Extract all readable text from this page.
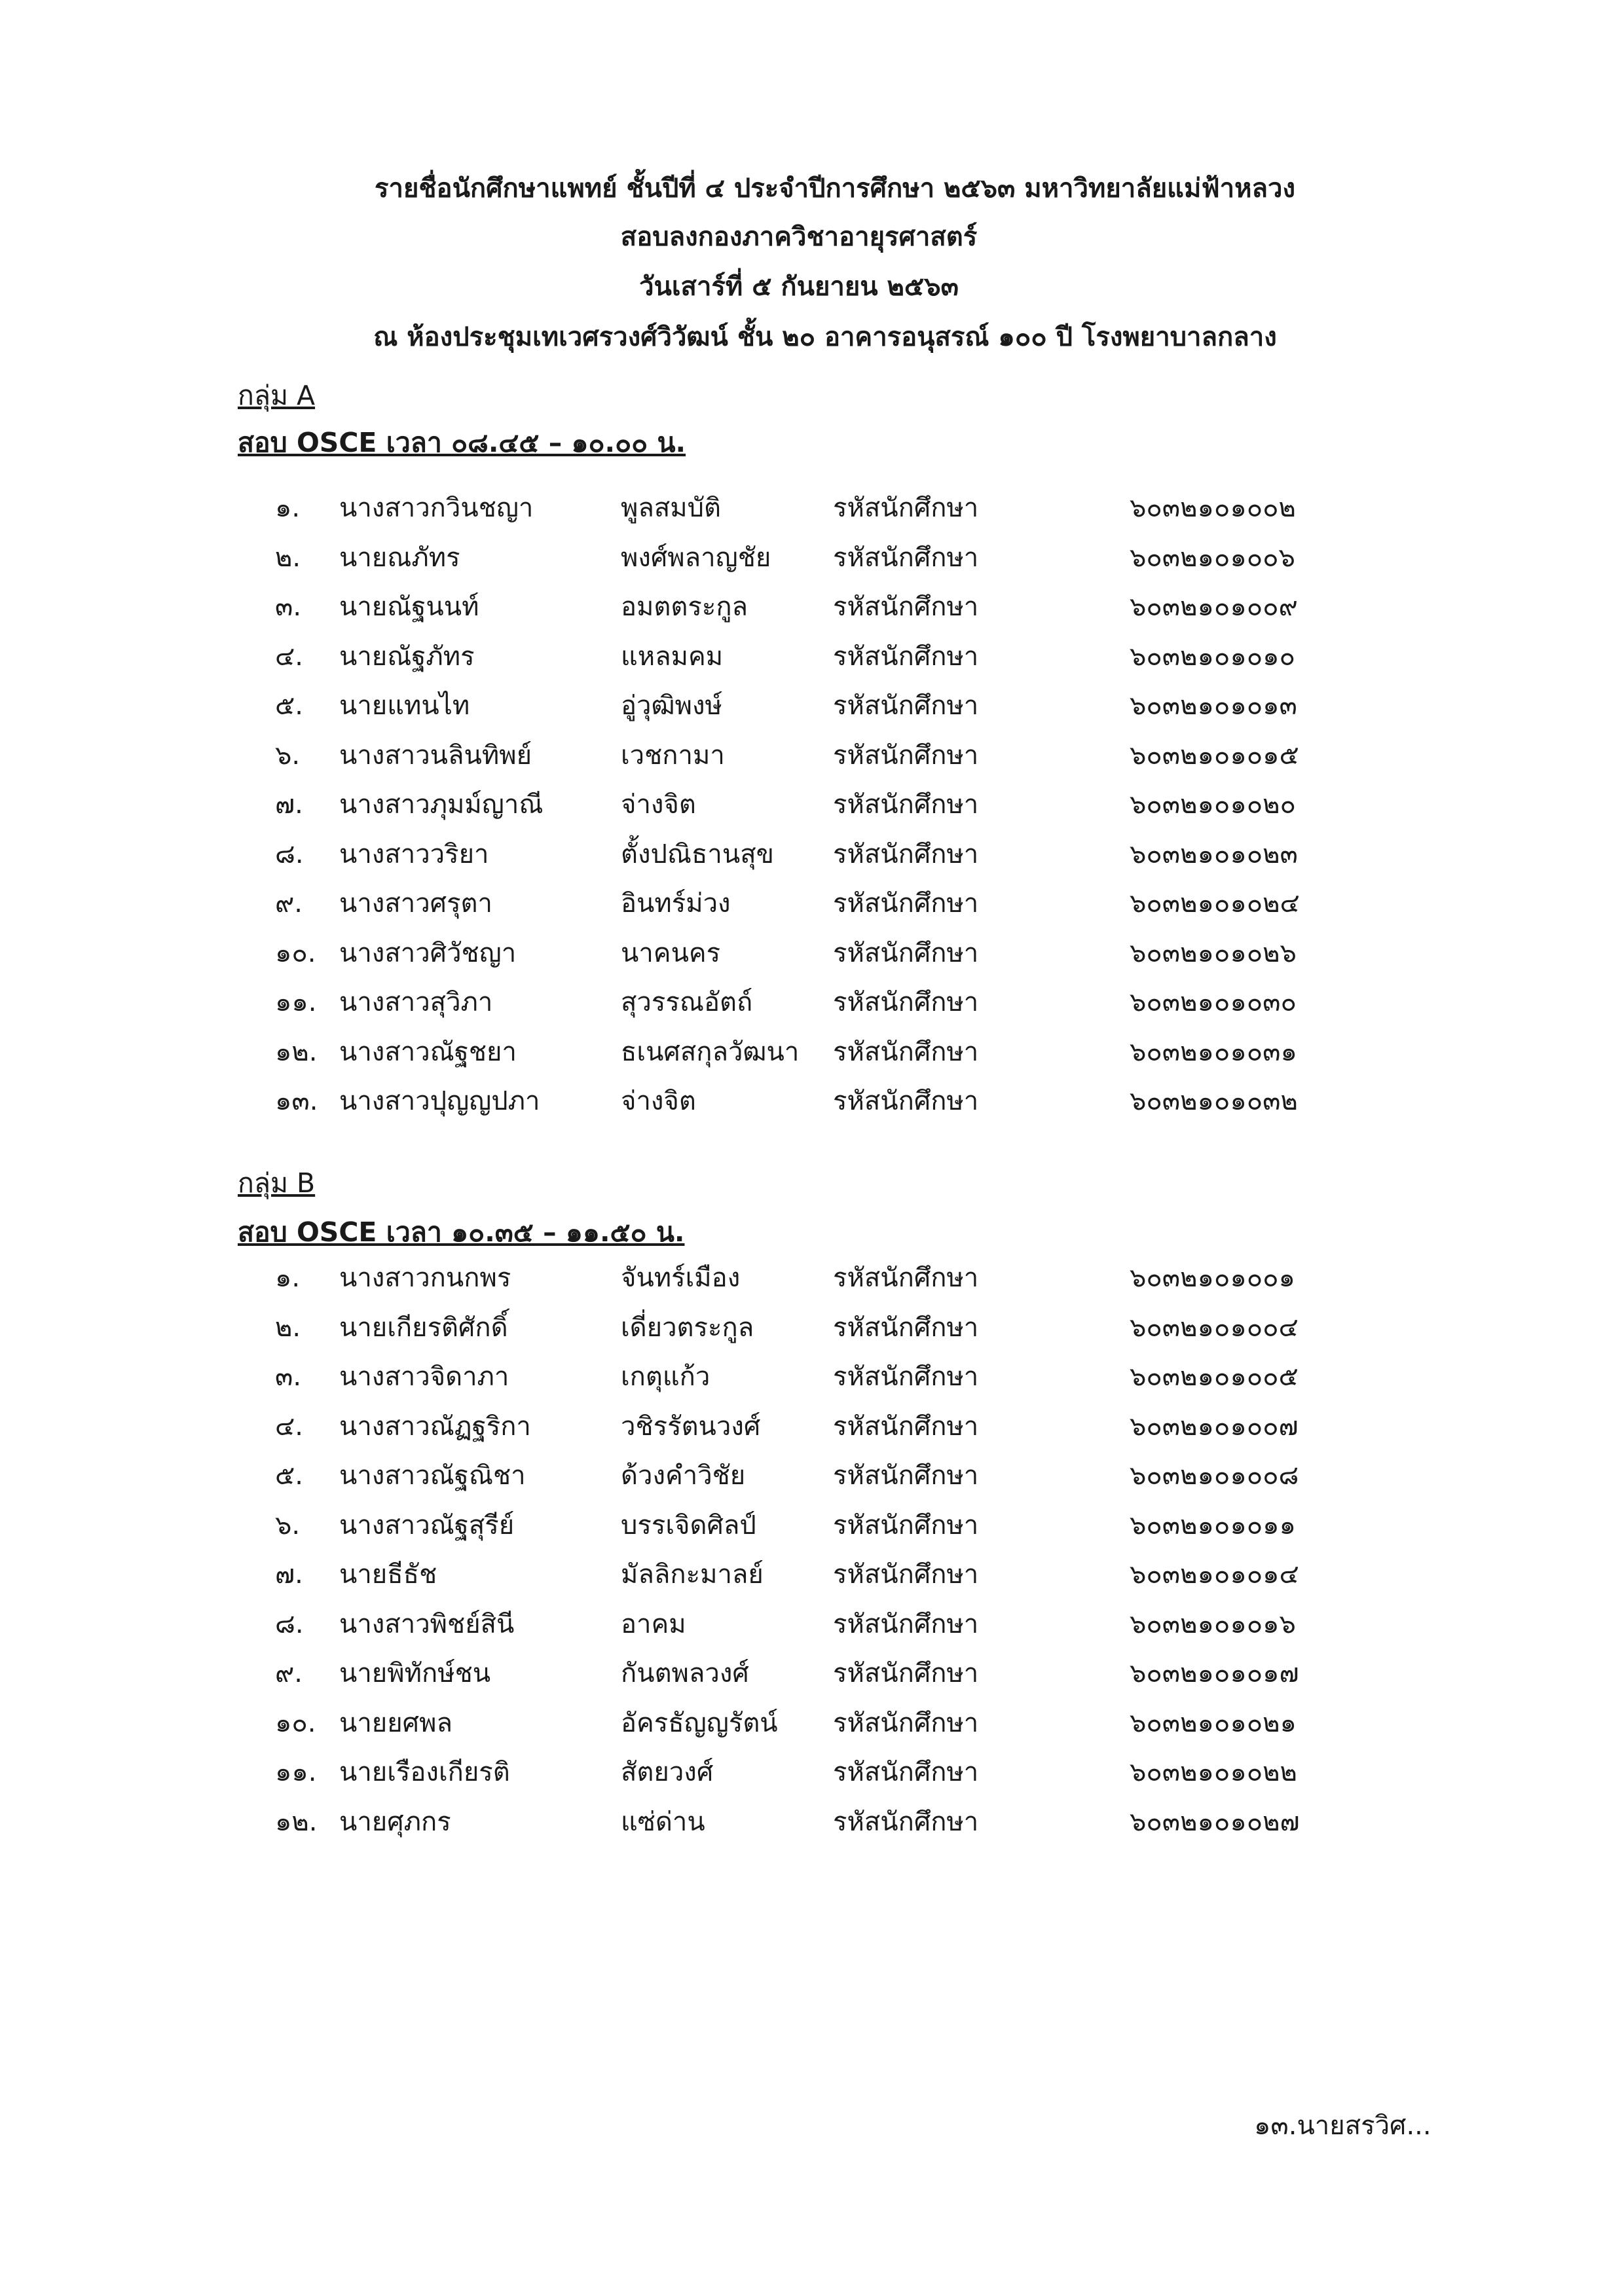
รายชื่อนักศึกษาแพทย์ ชั้นปีที่ ๔ ประจำปีการศึกษา ๒๕๖๓ มหาวิทยาลัยแม่ฟ้าหลวง
สอบลงกองภาควิชาอายุรศาสตร์
วันเสาร์ที่ ๕ กันยายน ๒๕๖๓
ณ ห้องประชุมเทเวศรวงศ์วิวัฒน์ ชั้น ๒๐ อาคารอนุสรณ์ ๑๐๐ ปี โรงพยาบาลกลาง
กลุ่ม A
สอบ OSCE เวลา ๐๘.๔๕ – ๑๐.๐๐ น.
๑. นางสาวกวินชญา	พูลสมบัติ	รหัสนักศึกษา	๖๐๓๒๑๐๑๐๐๒
๒. นายณภัทร	พงศ์พลาญชัย รหัสนักศึกษา	๖๐๓๒๑๐๑๐๐๖
๓. นายณัฐนนท์	อมตตระกูล	รหัสนักศึกษา	๖๐๓๒๑๐๑๐๐๙
๔. นายณัฐภัทร	แหลมคม	รหัสนักศึกษา	๖๐๓๒๑๐๑๐๑๐
๕. นายแทนไท	อู่วุฒิพงษ์	รหัสนักศึกษา	๖๐๓๒๑๐๑๐๑๓
๖. นางสาวนลินทิพย์	เวชกามา	รหัสนักศึกษา	๖๐๓๒๑๐๑๐๑๕
๗. นางสาวภุมม์ญาณี	จ่างจิต	รหัสนักศึกษา	๖๐๓๒๑๐๑๐๒๐
๘. นางสาววริยา	ตั้งปณิธานสุข รหัสนักศึกษา	๖๐๓๒๑๐๑๐๒๓
๙. นางสาวศรุตา	อินทร์ม่วง	รหัสนักศึกษา	๖๐๓๒๑๐๑๐๒๔
๑๐. นางสาวศิวัชญา	นาคนคร	รหัสนักศึกษา	๖๐๓๒๑๐๑๐๒๖
๑๑. นางสาวสุวิภา	สุวรรณอัตถ์	รหัสนักศึกษา	๖๐๓๒๑๐๑๐๓๐
๑๒. นางสาวณัฐชยา	ธเนศสกุลวัฒนา รหัสนักศึกษา	๖๐๓๒๑๐๑๐๓๑
๑๓. นางสาวปุญญปภา	จ่างจิต	รหัสนักศึกษา	๖๐๓๒๑๐๑๐๓๒
กลุ่ม B
สอบ OSCE เวลา ๑๐.๓๕ – ๑๑.๕๐ น.
๑. นางสาวกนกพร	จันทร์เมือง	รหัสนักศึกษา	๖๐๓๒๑๐๑๐๐๑
๒. นายเกียรติศักดิ์	เดี่ยวตระกูล	รหัสนักศึกษา	๖๐๓๒๑๐๑๐๐๔
๓. นางสาวจิดาภา	เกตุแก้ว	รหัสนักศึกษา	๖๐๓๒๑๐๑๐๐๕
๔. นางสาวณัฏฐริกา	วชิรรัตนวงศ์	รหัสนักศึกษา	๖๐๓๒๑๐๑๐๐๗
๕. นางสาวณัฐณิชา	ด้วงคำวิชัย	รหัสนักศึกษา	๖๐๓๒๑๐๑๐๐๘
๖. นางสาวณัฐสุรีย์	บรรเจิดศิลป์	รหัสนักศึกษา	๖๐๓๒๑๐๑๐๑๑
๗. นายธีธัช	มัลลิกะมาลย์	รหัสนักศึกษา	๖๐๓๒๑๐๑๐๑๔
๘. นางสาวพิชย์สินี	อาคม	รหัสนักศึกษา	๖๐๓๒๑๐๑๐๑๖
๙. นายพิทักษ์ชน	กันตพลวงศ์	รหัสนักศึกษา	๖๐๓๒๑๐๑๐๑๗
๑๐. นายยศพล	อัครธัญญรัตน์ รหัสนักศึกษา	๖๐๓๒๑๐๑๐๒๑
๑๑. นายเรืองเกียรติ	สัตยวงศ์	รหัสนักศึกษา	๖๐๓๒๑๐๑๐๒๒
๑๒. นายศุภกร	แซ่ด่าน	รหัสนักศึกษา	๖๐๓๒๑๐๑๐๒๗
๑๓.นายสรวิศ...
